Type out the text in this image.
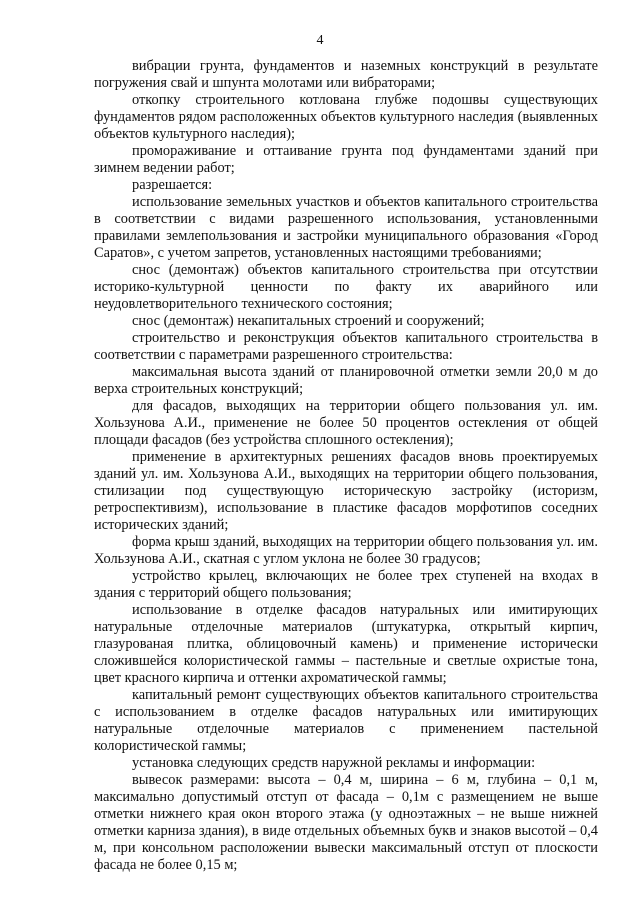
4

вибрации грунта, фундаментов и наземных конструкций в результате погружения свай и шпунта молотами или вибраторами;

откопку строительного котлована глубже подошвы существующих фундаментов рядом расположенных объектов культурного наследия (выявленных объектов культурного наследия);

промораживание и оттаивание грунта под фундаментами зданий при зимнем ведении работ;

разрешается:

использование земельных участков и объектов капитального строительства в соответствии с видами разрешенного использования, установленными правилами землепользования и застройки муниципального образования «Город Саратов», с учетом запретов, установленных настоящими требованиями;

снос (демонтаж) объектов капитального строительства при отсутствии историко-культурной ценности по факту их аварийного или неудовлетворительного технического состояния;

снос (демонтаж) некапитальных строений и сооружений;

строительство и реконструкция объектов капитального строительства в соответствии с параметрами разрешенного строительства:

максимальная высота зданий от планировочной отметки земли 20,0 м до верха строительных конструкций;

для фасадов, выходящих на территории общего пользования ул. им. Хользунова А.И., применение не более 50 процентов остекления от общей площади фасадов (без устройства сплошного остекления);

применение в архитектурных решениях фасадов вновь проектируемых зданий ул. им. Хользунова А.И., выходящих на территории общего пользования, стилизации под существующую историческую застройку (историзм, ретроспективизм), использование в пластике фасадов морфотипов соседних исторических зданий;

форма крыш зданий, выходящих на территории общего пользования ул. им. Хользунова А.И., скатная с углом уклона не более 30 градусов;

устройство крылец, включающих не более трех ступеней на входах в здания с территорий общего пользования;

использование в отделке фасадов натуральных или имитирующих натуральные отделочные материалов (штукатурка, открытый кирпич, глазурованая плитка, облицовочный камень) и применение исторически сложившейся колористической гаммы – пастельные и светлые охристые тона, цвет красного кирпича и оттенки ахроматической гаммы;

капитальный ремонт существующих объектов капитального строительства с использованием в отделке фасадов натуральных или имитирующих натуральные отделочные материалов с применением пастельной колористической гаммы;

установка следующих средств наружной рекламы и информации:

вывесок размерами: высота – 0,4 м, ширина – 6 м, глубина – 0,1 м, максимально допустимый отступ от фасада – 0,1м с размещением не выше отметки нижнего края окон второго этажа (у одноэтажных – не выше нижней отметки карниза здания), в виде отдельных объемных букв и знаков высотой – 0,4 м, при консольном расположении вывески максимальный отступ от плоскости фасада не более 0,15 м;
